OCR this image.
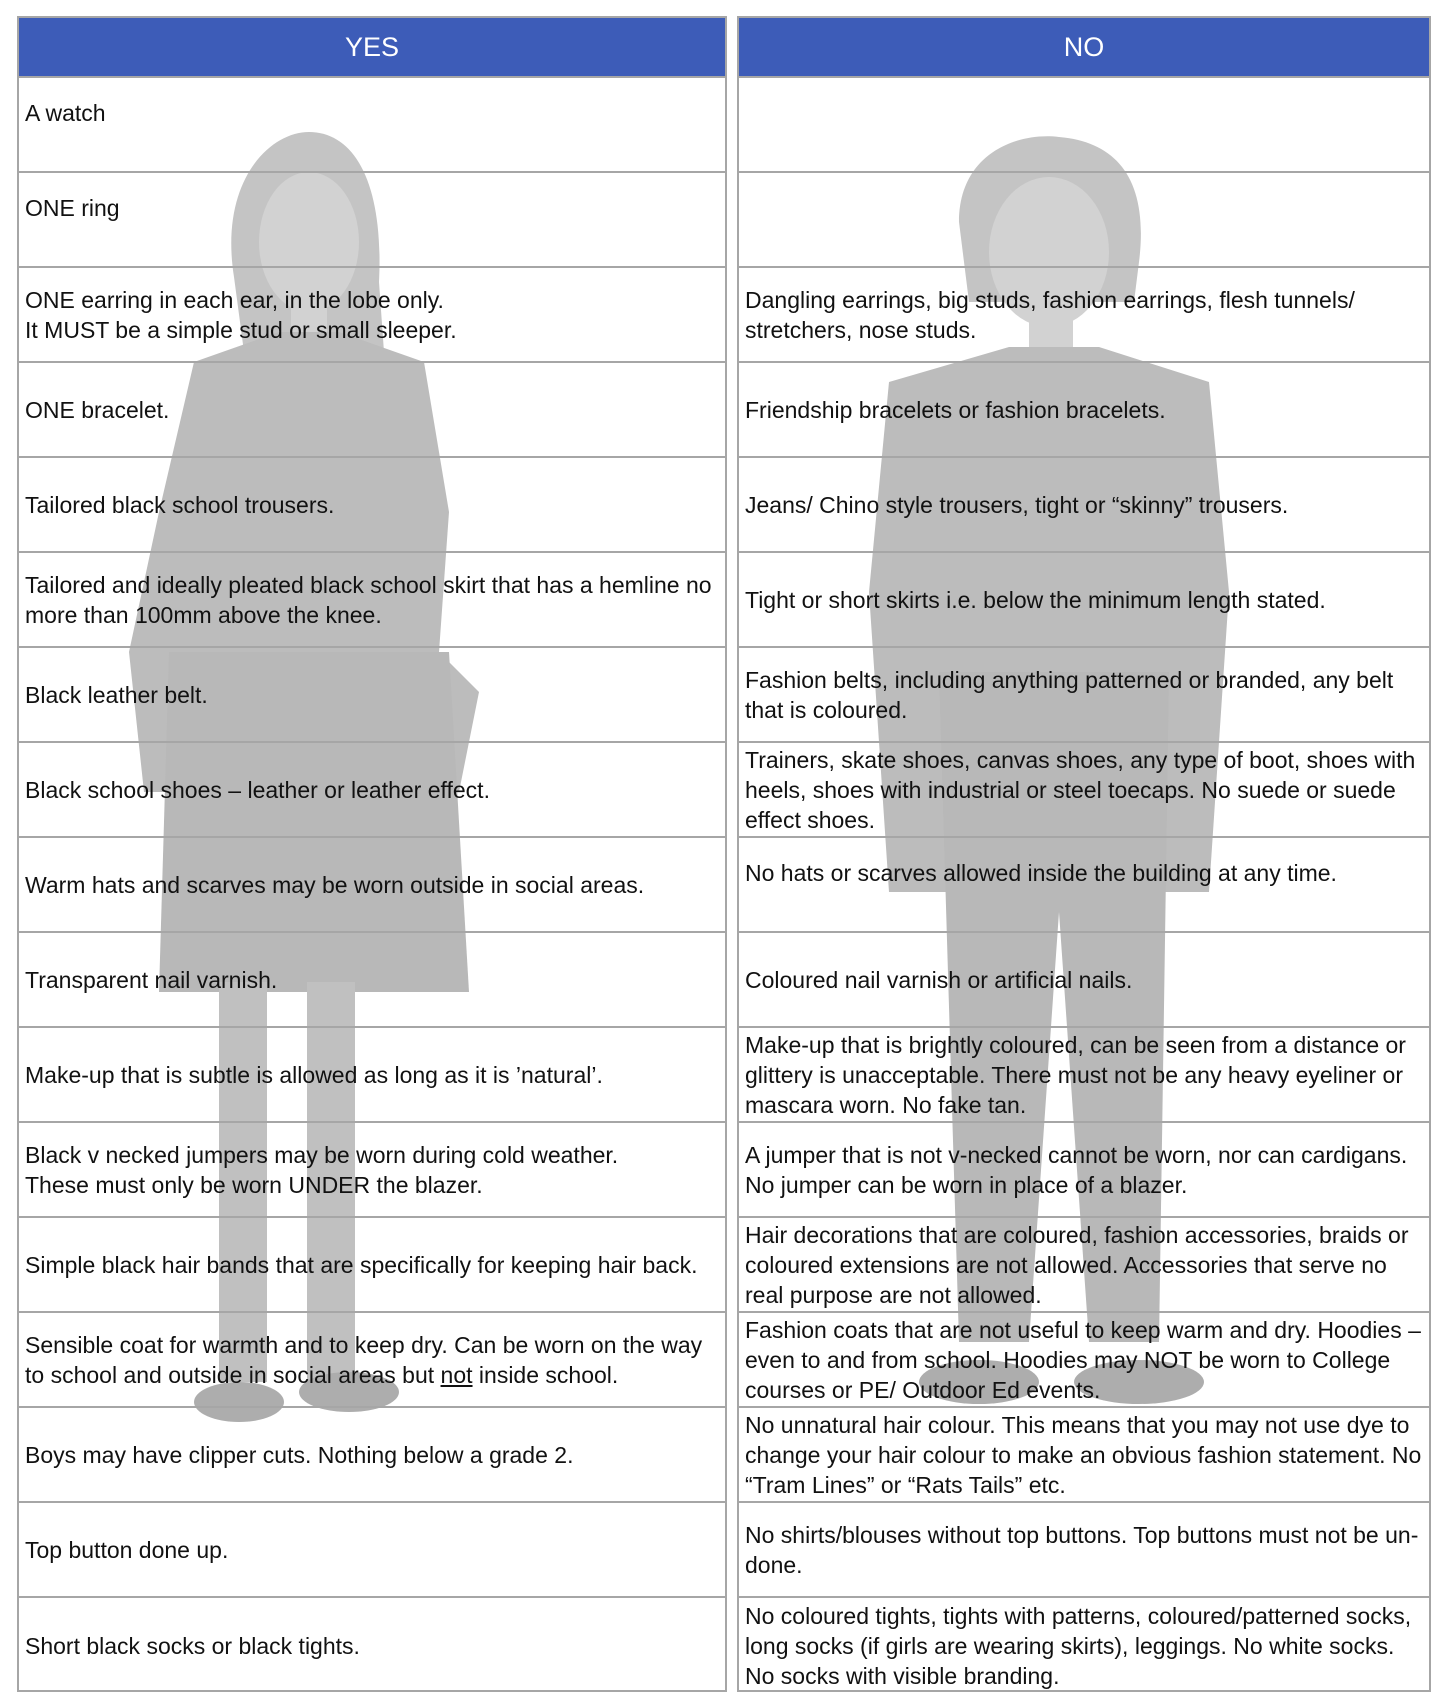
YES
A watch
ONE ring
ONE earring in each ear, in the lobe only.
It MUST be a simple stud or small sleeper.
ONE bracelet.
Tailored black school trousers.
Tailored and ideally pleated black school skirt that has a hemline no more than 100mm above the knee.
Black leather belt.
Black school shoes – leather or leather effect.
Warm hats and scarves may be worn outside in social areas.
Transparent nail varnish.
Make-up that is subtle is allowed as long as it is ’natural’.
Black v necked jumpers may be worn during cold weather.
These must only be worn UNDER the blazer.
Simple black hair bands that are specifically for keeping hair back.
Sensible coat for warmth and to keep dry. Can be worn on the way to school and outside in social areas but not inside school.
Boys may have clipper cuts. Nothing below a grade 2.
Top button done up.
Short black socks or black tights.
NO
Dangling earrings, big studs, fashion earrings, flesh tunnels/ stretchers, nose studs.
Friendship bracelets or fashion bracelets.
Jeans/ Chino style trousers, tight or “skinny” trousers.
Tight or short skirts i.e. below the minimum length stated.
Fashion belts, including anything patterned or branded, any belt that is coloured.
Trainers, skate shoes, canvas shoes, any type of boot, shoes with heels, shoes with industrial or steel toecaps. No suede or suede effect shoes.
No hats or scarves allowed inside the building at any time.
Coloured nail varnish or artificial nails.
Make-up that is brightly coloured, can be seen from a distance or glittery is unacceptable. There must not be any heavy eyeliner or mascara worn. No fake tan.
A jumper that is not v-necked cannot be worn, nor can cardigans. No jumper can be worn in place of a blazer.
Hair decorations that are coloured, fashion accessories, braids or coloured extensions are not allowed. Accessories that serve no real purpose are not allowed.
Fashion coats that are not useful to keep warm and dry. Hoodies – even to and from school. Hoodies may NOT be worn to College courses or PE/ Outdoor Ed events.
No unnatural hair colour. This means that you may not use dye to change your hair colour to make an obvious fashion statement. No “Tram Lines” or “Rats Tails” etc.
No shirts/blouses without top buttons. Top buttons must not be un-done.
No coloured tights, tights with patterns, coloured/patterned socks, long socks (if girls are wearing skirts), leggings. No white socks. No socks with visible branding.
